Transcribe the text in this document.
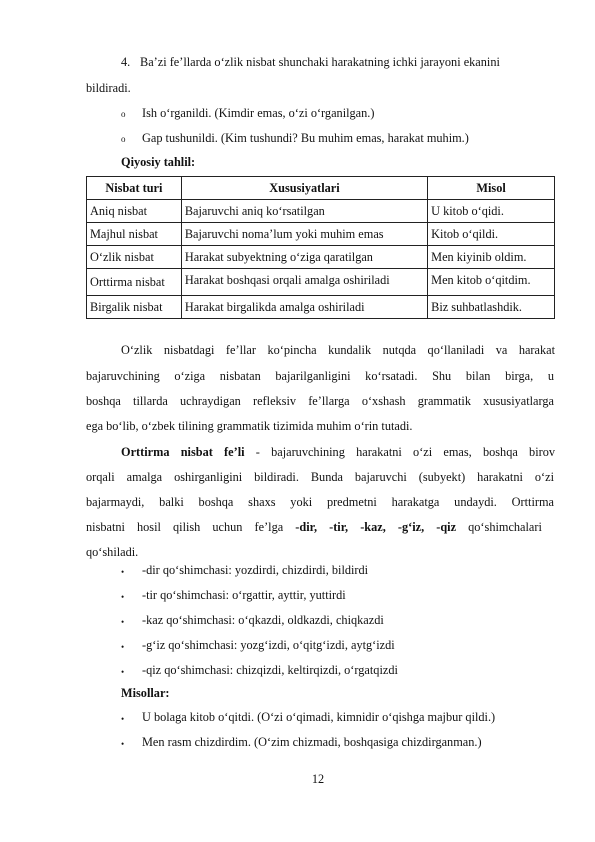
4. Ba’zi fe’llarda o‘zlik nisbat shunchaki harakatning ichki jarayoni ekanini
bildiradi.
o Ish o‘rganildi. (Kimdir emas, o‘zi o‘rganilgan.)
o Gap tushunildi. (Kim tushundi? Bu muhim emas, harakat muhim.)
Qiyosiy tahlil:
Nisbat turi	Xususiyatlari	Misol
Aniq nisbat	Bajaruvchi aniq ko‘rsatilgan	U kitob o‘qidi.
Majhul nisbat	Bajaruvchi noma’lum yoki muhim emas	Kitob o‘qildi.
O‘zlik nisbat	Harakat subyektning o‘ziga qaratilgan	Men kiyinib oldim.
Orttirma nisbat	Harakat boshqasi orqali amalga oshiriladi	Men kitob o‘qitdim.
Birgalik nisbat	Harakat birgalikda amalga oshiriladi	Biz suhbatlashdik.
O‘zlik nisbatdagi fe’llar ko‘pincha kundalik nutqda qo‘llaniladi va harakat
bajaruvchining o‘ziga nisbatan bajarilganligini ko‘rsatadi. Shu bilan birga, u
boshqa tillarda uchraydigan refleksiv fe’llarga o‘xshash grammatik xususiyatlarga
ega bo‘lib, o‘zbek tilining grammatik tizimida muhim o‘rin tutadi.
Orttirma nisbat fe’li - bajaruvchining harakatni o‘zi emas, boshqa birov
orqali amalga oshirganligini bildiradi. Bunda bajaruvchi (subyekt) harakatni o‘zi
bajarmaydi, balki boshqa shaxs yoki predmetni harakatga undaydi. Orttirma
nisbatni hosil qilish uchun fe’lga -dir, -tir, -kaz, -g‘iz, -qiz qo‘shimchalari
qo‘shiladi.
• -dir qo‘shimchasi: yozdirdi, chizdirdi, bildirdi
• -tir qo‘shimchasi: o‘rgattir, ayttir, yuttirdi
• -kaz qo‘shimchasi: o‘qkazdi, oldkazdi, chiqkazdi
• -g‘iz qo‘shimchasi: yozg‘izdi, o‘qitg‘izdi, aytg‘izdi
• -qiz qo‘shimchasi: chizqizdi, keltirqizdi, o‘rgatqizdi
Misollar:
• U bolaga kitob o‘qitdi. (O‘zi o‘qimadi, kimnidir o‘qishga majbur qildi.)
• Men rasm chizdirdim. (O‘zim chizmadi, boshqasiga chizdirganman.)
12
